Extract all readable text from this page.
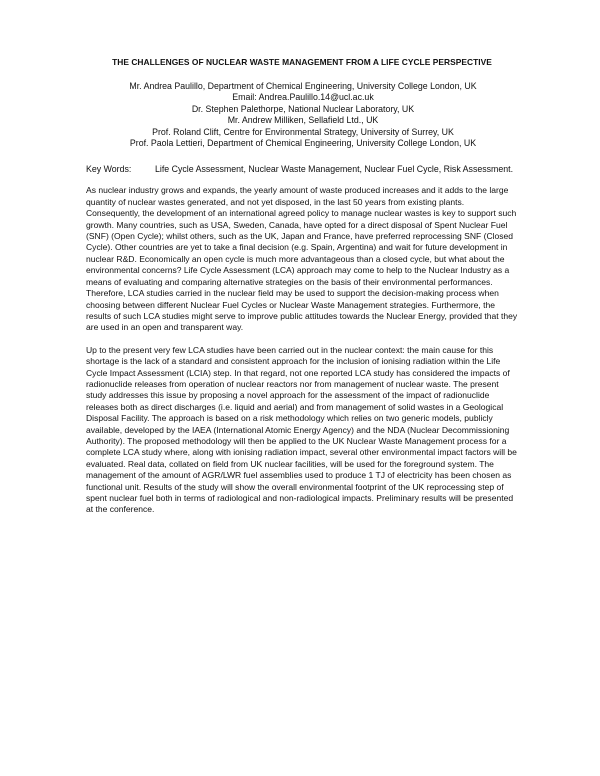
THE CHALLENGES OF NUCLEAR WASTE MANAGEMENT FROM A LIFE CYCLE PERSPECTIVE
Mr. Andrea Paulillo, Department of Chemical Engineering, University College London, UK
Email: Andrea.Paulillo.14@ucl.ac.uk
Dr. Stephen Palethorpe, National Nuclear Laboratory, UK
Mr. Andrew Milliken, Sellafield Ltd., UK
Prof. Roland Clift, Centre for Environmental Strategy, University of Surrey, UK
Prof. Paola Lettieri, Department of Chemical Engineering, University College London, UK
Key Words:	Life Cycle Assessment, Nuclear Waste Management, Nuclear Fuel Cycle, Risk Assessment.

As nuclear industry grows and expands, the yearly amount of waste produced increases and it adds to the large quantity of nuclear wastes generated, and not yet disposed, in the last 50 years from existing plants. Consequently, the development of an international agreed policy to manage nuclear wastes is key to support such growth. Many countries, such as USA, Sweden, Canada, have opted for a direct disposal of Spent Nuclear Fuel (SNF) (Open Cycle); whilst others, such as the UK, Japan and France, have preferred reprocessing SNF (Closed Cycle). Other countries are yet to take a final decision (e.g. Spain, Argentina) and wait for future development in nuclear R&D. Economically an open cycle is much more advantageous than a closed cycle, but what about the environmental concerns? Life Cycle Assessment (LCA) approach may come to help to the Nuclear Industry as a means of evaluating and comparing alternative strategies on the basis of their environmental performances. Therefore, LCA studies carried in the nuclear field may be used to support the decision-making process when choosing between different Nuclear Fuel Cycles or Nuclear Waste Management strategies. Furthermore, the results of such LCA studies might serve to improve public attitudes towards the Nuclear Energy, provided that they are used in an open and transparent way.

Up to the present very few LCA studies have been carried out in the nuclear context: the main cause for this shortage is the lack of a standard and consistent approach for the inclusion of ionising radiation within the Life Cycle Impact Assessment (LCIA) step. In that regard, not one reported LCA study has considered the impacts of radionuclide releases from operation of nuclear reactors nor from management of nuclear waste. The present study addresses this issue by proposing a novel approach for the assessment of the impact of radionuclide releases both as direct discharges (i.e. liquid and aerial) and from management of solid wastes in a Geological Disposal Facility. The approach is based on a risk methodology which relies on two generic models, publicly available, developed by the IAEA (International Atomic Energy Agency) and the NDA (Nuclear Decommissioning Authority). The proposed methodology will then be applied to the UK Nuclear Waste Management process for a complete LCA study where, along with ionising radiation impact, several other environmental impact factors will be evaluated. Real data, collated on field from UK nuclear facilities, will be used for the foreground system. The management of the amount of AGR/LWR fuel assemblies used to produce 1 TJ of electricity has been chosen as functional unit. Results of the study will show the overall environmental footprint of the UK reprocessing step of spent nuclear fuel both in terms of radiological and non-radiological impacts. Preliminary results will be presented at the conference.
